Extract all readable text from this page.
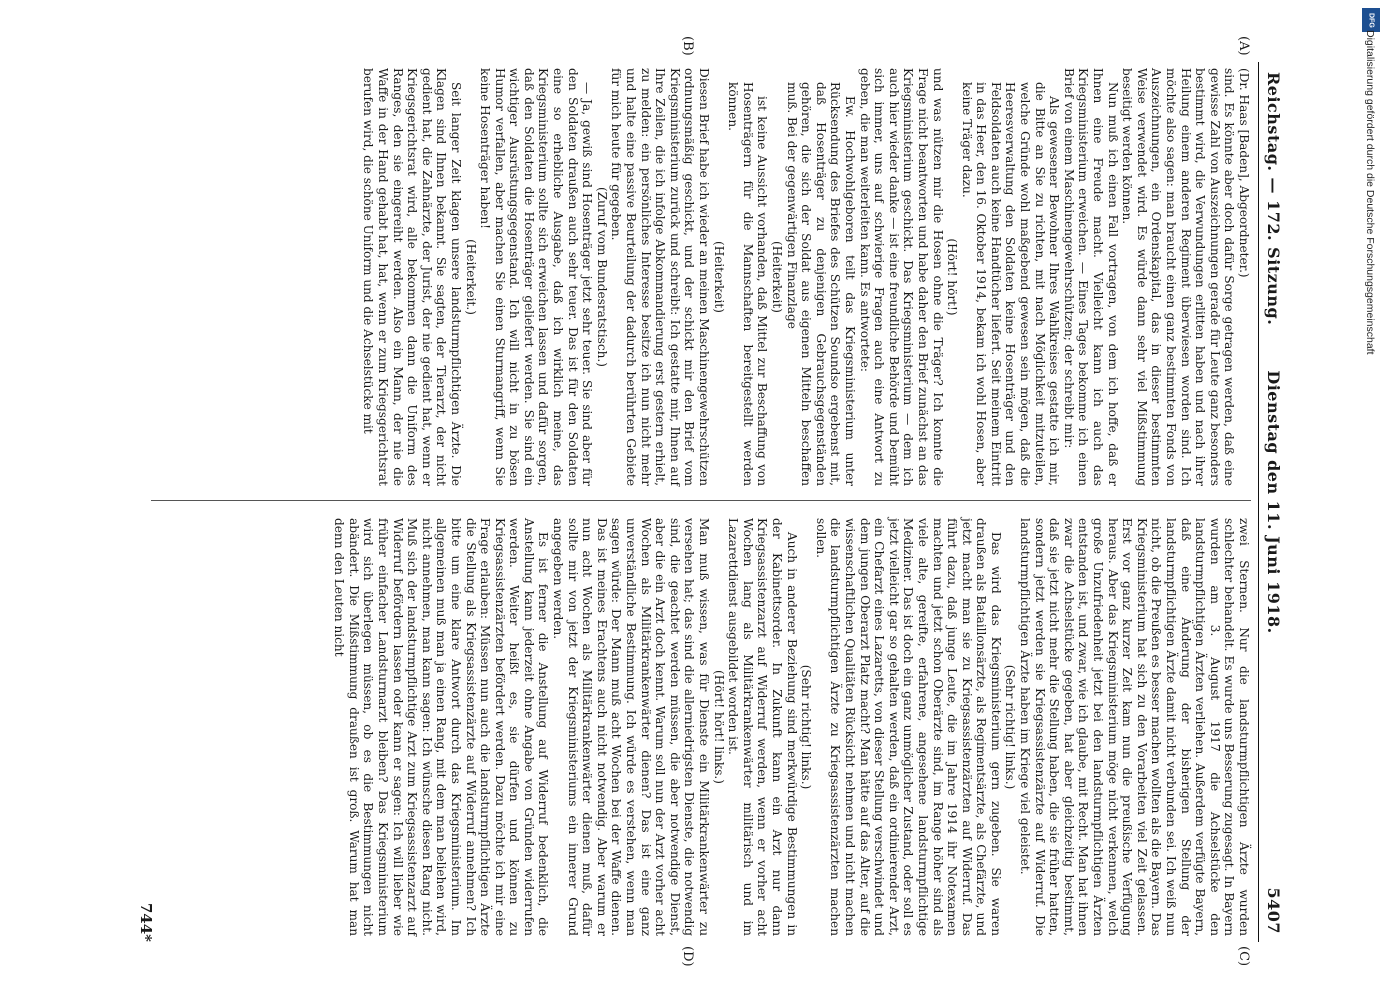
Reichstag. — 172. Sitzung.
Dienstag den 11. Juni 1918.
5407

(Dr. Haas [Baden], Abgeordneter.)

sind. Es könnte aber doch dafür Sorge getragen werden, daß eine gewisse Zahl von Auszeichnungen gerade für Leute ganz besonders bestimmt wird, die Verwundungen erlitten haben und nach ihrer Heilung einem anderen Regiment überwiesen worden sind. Ich möchte also sagen: man braucht einen ganz bestimmten Fonds von Auszeichnungen, ein Ordenskapital, das in dieser bestimmten Weise verwendet wird. Es würde dann sehr viel Mißstimmung beseitigt werden können.

Nun muß ich einen Fall vortragen, von dem ich hoffe, daß er Ihnen eine Freude macht. Vielleicht kann ich auch das Kriegsministerium erweichen. — Eines Tages bekomme ich einen Brief von einem Maschinengewehrschützen; der schreibt mir:

Als gewesener Bewohner Ihres Wahlkreises gestatte ich mir, die Bitte an Sie zu richten, mit nach Möglichkeit mitzuteilen, welche Gründe wohl maßgebend gewesen sein mögen, daß die Heeresverwaltung den Soldaten keine Hosenträger und den Feldsoldaten auch keine Handtücher liefert. Seit meinem Eintritt in das Heer, den 16. Oktober 1914, bekam ich wohl Hosen, aber keine Träger dazu.

(Hört! hört!)

und was nützen mir die Hosen ohne die Träger? Ich konnte die Frage nicht beantworten und habe daher den Brief zunächst an das Kriegsministerium geschickt. Das Kriegsministerium — dem ich auch hier wieder danke — ist eine freundliche Behörde und bemüht sich immer, uns auf schwierige Fragen auch eine Antwort zu geben, die man weiterleiten kann. Es antwortete:

Ew. Hochwohlgeboren teilt das Kriegsministerium unter Rücksendung des Briefes des Schützen Soundso ergebenst mit, daß Hosenträger zu denjenigen Gebrauchsgegenständen gehören, die sich der Soldat aus eigenen Mitteln beschaffen muß. Bei der gegenwärtigen Finanzlage

(Heiterkeit)

ist keine Aussicht vorhanden, daß Mittel zur Beschaffung von Hosenträgern für die Mannschaften bereitgestellt werden können.

(Heiterkeit)

Diesen Brief habe ich wieder an meinen Maschinengewehrschützen ordnungsmäßig geschickt, und der schickt mir den Brief vom Kriegsministerium zurück und schreibt: Ich gestatte mir, Ihnen auf Ihre Zeilen, die ich infolge Abkommandierung erst gestern erhielt, zu melden: ein persönliches Interesse besitze ich nun nicht mehr und halte eine passive Beurteilung der dadurch berührten Gebiete für mich heute für gegeben.

(Zuruf vom Bundesratstisch.)

— Ja, gewiß sind Hosenträger jetzt sehr teuer. Sie sind aber für den Soldaten draußen auch sehr teuer. Das ist für den Soldaten eine so erhebliche Ausgabe, daß ich wirklich meine, das Kriegsministerium sollte sich erweichen lassen und dafür sorgen, daß den Soldaten die Hosenträger geliefert werden. Sie sind ein wichtiger Ausrüstungsgegenstand. Ich will nicht in zu bösen Humor verfallen, aber machen Sie einen Sturmangriff, wenn Sie keine Hosenträger haben!

(Heiterkeit.)

Seit langer Zeit klagen unsere landsturmpflichtigen Ärzte. Die Klagen sind Ihnen bekannt. Sie sagten, der Tierarzt, der nicht gedient hat, die Zahnärzte, der Jurist, der nie gedient hat, wenn er Kriegsgerichtsrat wird, alle bekommen dann die Uniform des Ranges, den sie eingereiht werden. Also ein Mann, der nie die Waffe in der Hand gehabt hat, hat, wenn er zum Kriegsgerichtsrat berufen wird, die schöne Uniform und die Achselstücke mit

zwei Sternen. Nur die landsturmpflichtigen Ärzte wurden schlechter behandelt. Es wurde uns Besserung zugesagt. In Bayern wurden am 3. August 1917 die Achselstücke den landsturmpflichtigen Ärzten verliehen. Außerdem verfügte Bayern, daß eine Änderung der bisherigen Stellung der landsturmpflichtigen Ärzte damit nicht verbunden sei. Ich weiß nun nicht, ob die Preußen es besser machen wollten als die Bayern. Das Kriegsministerium hat sich zu den Vorarbeiten viel Zeit gelassen. Erst vor ganz kurzer Zeit kam nun die preußische Verfügung heraus. Aber das Kriegsministerium möge nicht verkennen, welch große Unzufriedenheit jetzt bei den landsturmpflichtigen Ärzten entstanden ist, und zwar, wie ich glaube, mit Recht. Man hat ihnen zwar die Achselstücke gegeben, hat aber gleichzeitig bestimmt, daß sie jetzt nicht mehr die Stellung haben, die sie früher hatten, sondern jetzt werden sie Kriegsassistenzärzte auf Widerruf. Die landsturmpflichtigen Ärzte haben im Kriege viel geleistet.

(Sehr richtig! links.)

Das wird das Kriegsministerium gern zugeben. Sie waren draußen als Bataillonsärzte, als Regimentsärzte, als Chefärzte, und jetzt macht man sie zu Kriegsassistenzärzten auf Widerruf. Das führt dazu, daß junge Leute, die im Jahre 1914 ihr Notexamen machten und jetzt schon Oberärzte sind, im Range höher sind als viele alte, gereifte, erfahrene, angesehene landsturmpflichtige Mediziner. Das ist doch ein ganz unmöglicher Zustand, oder soll es jetzt vielleicht gar so gehalten werden, daß ein ordinierender Arzt, ein Chefarzt eines Lazaretts, von dieser Stellung verschwindet und dem jungen Oberarzt Platz macht? Man hätte auf das Alter, auf die wissenschaftlichen Qualitäten Rücksicht nehmen und nicht machen die landsturmpflichtigen Ärzte zu Kriegsassistenzärzten machen sollen.

(Sehr richtig! links.)

Auch in anderer Beziehung sind merkwürdige Bestimmungen in der Kabinettsorder. In Zukunft kann ein Arzt nur dann Kriegsassistenzarzt auf Widerruf werden, wenn er vorher acht Wochen lang als Militärkrankenwärter militärisch und im Lazarettdienst ausgebildet worden ist.

(Hört! hört! links.)

Man muß wissen, was für Dienste ein Militärkrankenwärter zu versehen hat; das sind die allerniedrigsten Dienste, die notwendig sind, die geachtet werden müssen, die aber notwendige Dienst, aber die ein Arzt doch kennt. Warum soll nun der Arzt vorher acht Wochen als Militärkrankenwärter dienen? Das ist eine ganz unverständliche Bestimmung. Ich würde es verstehen, wenn man sagen würde: Der Mann muß acht Wochen bei der Waffe dienen. Das ist meines Erachtens auch nicht notwendig. Aber warum er nun acht Wochen als Militärkrankenwärter dienen muß, dafür sollte mir von jetzt der Kriegsministeriums ein innerer Grund angegeben werden.

Es ist ferner die Anstellung auf Widerruf bedenklich, die Anstellung kann jederzeit ohne Angabe von Gründen widerrufen werden. Weiter heißt es, sie dürfen und können zu Kriegsassistenzärzten befördert werden. Dazu möchte ich mir eine Frage erlauben: Müssen nun auch die landsturmpflichtigen Ärzte die Stellung als Kriegsassistenzärzte auf Widerruf annehmen? Ich bitte um eine klare Antwort durch das Kriegsministerium. Im allgemeinen muß man ja einen Rang, mit dem man beliehen wird, nicht annehmen, man kann sagen: Ich wünsche diesen Rang nicht. Muß sich der landsturmpflichtige Arzt zum Kriegsassistenzarzt auf Widerruf befördern lassen oder kann er sagen: Ich will lieber wie früher einfacher Landsturmarzt bleiben? Das Kriegsministerium wird sich überlegen müssen, ob es die Bestimmungen nicht abändert. Die Mißstimmung draußen ist groß. Warum hat man denn den Leuten nicht

(A)
(B)
(C)
(D)
744*
DFG
Digitalisierung gefördert durch die Deutsche Forschungsgemeinschaft
